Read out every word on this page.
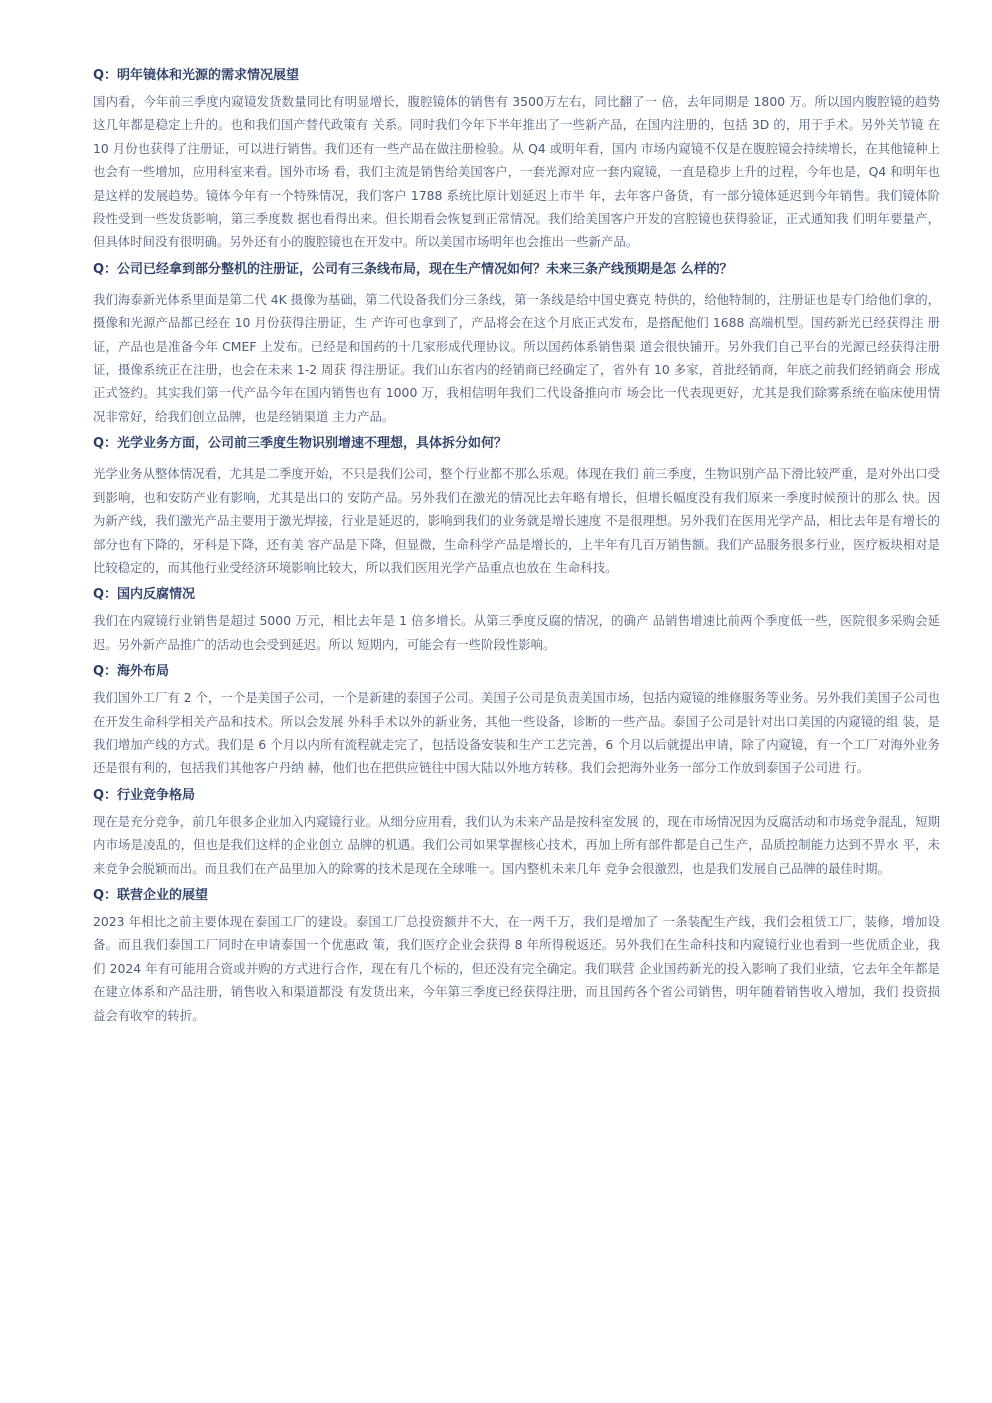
Q：明年镜体和光源的需求情况展望
国内看，今年前三季度内窥镜发货数量同比有明显增长，腹腔镜体的销售有 3500万左右，同比翻了一 倍，去年同期是 1800 万。所以国内腹腔镜的趋势这几年都是稳定上升的。也和我们国产替代政策有 关系。同时我们今年下半年推出了一些新产品，在国内注册的，包括 3D 的，用于手术。另外关节镜 在 10 月份也获得了注册证，可以进行销售。我们还有一些产品在做注册检验。从 Q4 或明年看，国内 市场内窥镜不仅是在腹腔镜会持续增长，在其他镜种上也会有一些增加，应用科室来看。国外市场 看，我们主流是销售给美国客户，一套光源对应一套内窥镜，一直是稳步上升的过程，今年也是，Q4 和明年也是这样的发展趋势。镜体今年有一个特殊情况，我们客户 1788 系统比原计划延迟上市半 年，去年客户备货，有一部分镜体延迟到今年销售。我们镜体阶段性受到一些发货影响，第三季度数 据也看得出来。但长期看会恢复到正常情况。我们给美国客户开发的宫腔镜也获得验证，正式通知我 们明年要量产，但具体时间没有很明确。另外还有小的腹腔镜也在开发中。所以美国市场明年也会推出一些新产品。
Q：公司已经拿到部分整机的注册证，公司有三条线布局，现在生产情况如何？未来三条产线预期是怎 么样的？
我们海泰新光体系里面是第二代 4K 摄像为基础，第二代设备我们分三条线，第一条线是给中国史赛克 特供的，给他特制的，注册证也是专门给他们拿的，摄像和光源产品都已经在 10 月份获得注册证，生 产许可也拿到了，产品将会在这个月底正式发布，是搭配他们 1688 高端机型。国药新光已经获得注 册证，产品也是准备今年 CMEF 上发布。已经是和国药的十几家形成代理协议。所以国药体系销售渠 道会很快铺开。另外我们自己平台的光源已经获得注册证，摄像系统正在注册，也会在未来 1-2 周获 得注册证。我们山东省内的经销商已经确定了，省外有 10 多家，首批经销商，年底之前我们经销商会 形成正式签约。其实我们第一代产品今年在国内销售也有 1000 万，我相信明年我们二代设备推向市 场会比一代表现更好，尤其是我们除雾系统在临床使用情况非常好，给我们创立品牌，也是经销渠道 主力产品。
Q：光学业务方面，公司前三季度生物识别增速不理想，具体拆分如何？
光学业务从整体情况看，尤其是二季度开始，不只是我们公司，整个行业都不那么乐观。体现在我们 前三季度，生物识别产品下滑比较严重，是对外出口受到影响，也和安防产业有影响，尤其是出口的 安防产品。另外我们在激光的情况比去年略有增长，但增长幅度没有我们原来一季度时候预计的那么 快。因为新产线，我们激光产品主要用于激光焊接，行业是延迟的，影响到我们的业务就是增长速度 不是很理想。另外我们在医用光学产品，相比去年是有增长的部分也有下降的，牙科是下降，还有美 容产品是下降，但显微，生命科学产品是增长的，上半年有几百万销售额。我们产品服务很多行业，医疗板块相对是比较稳定的，而其他行业受经济环境影响比较大，所以我们医用光学产品重点也放在 生命科技。
Q：国内反腐情况
我们在内窥镜行业销售是超过 5000 万元，相比去年是 1 倍多增长。从第三季度反腐的情况，的确产 品销售增速比前两个季度低一些，医院很多采购会延迟。另外新产品推广的活动也会受到延迟。所以 短期内，可能会有一些阶段性影响。
Q：海外布局
我们国外工厂有 2 个，一个是美国子公司，一个是新建的泰国子公司。美国子公司是负责美国市场，包括内窥镜的维修服务等业务。另外我们美国子公司也在开发生命科学相关产品和技术。所以会发展 外科手术以外的新业务，其他一些设备，诊断的一些产品。泰国子公司是针对出口美国的内窥镜的组 装，是我们增加产线的方式。我们是 6 个月以内所有流程就走完了，包括设备安装和生产工艺完善，6 个月以后就提出申请，除了内窥镜，有一个工厂对海外业务还是很有利的，包括我们其他客户丹纳 赫，他们也在把供应链往中国大陆以外地方转移。我们会把海外业务一部分工作放到泰国子公司进 行。
Q：行业竞争格局
现在是充分竞争，前几年很多企业加入内窥镜行业。从细分应用看，我们认为未来产品是按科室发展 的，现在市场情况因为反腐活动和市场竞争混乱，短期内市场是凌乱的，但也是我们这样的企业创立 品牌的机遇。我们公司如果掌握核心技术，再加上所有部件都是自己生产，品质控制能力达到不畀水 平，未来竞争会脱颖而出。而且我们在产品里加入的除雾的技术是现在全球唯一。国内整机未来几年 竞争会很激烈，也是我们发展自己品牌的最佳时期。
Q：联营企业的展望
2023 年相比之前主要体现在泰国工厂的建设。泰国工厂总投资额并不大，在一两千万，我们是增加了 一条装配生产线，我们会租赁工厂，装修，增加设备。而且我们泰国工厂同时在申请泰国一个优惠政 策，我们医疗企业会获得 8 年所得税返还。另外我们在生命科技和内窥镜行业也看到一些优质企业，我们 2024 年有可能用合资或并购的方式进行合作，现在有几个标的，但还没有完全确定。我们联营 企业国药新光的投入影响了我们业绩，它去年全年都是在建立体系和产品注册，销售收入和渠道都没 有发货出来，今年第三季度已经获得注册，而且国药各个省公司销售，明年随着销售收入增加，我们 投资损益会有收窄的转折。
